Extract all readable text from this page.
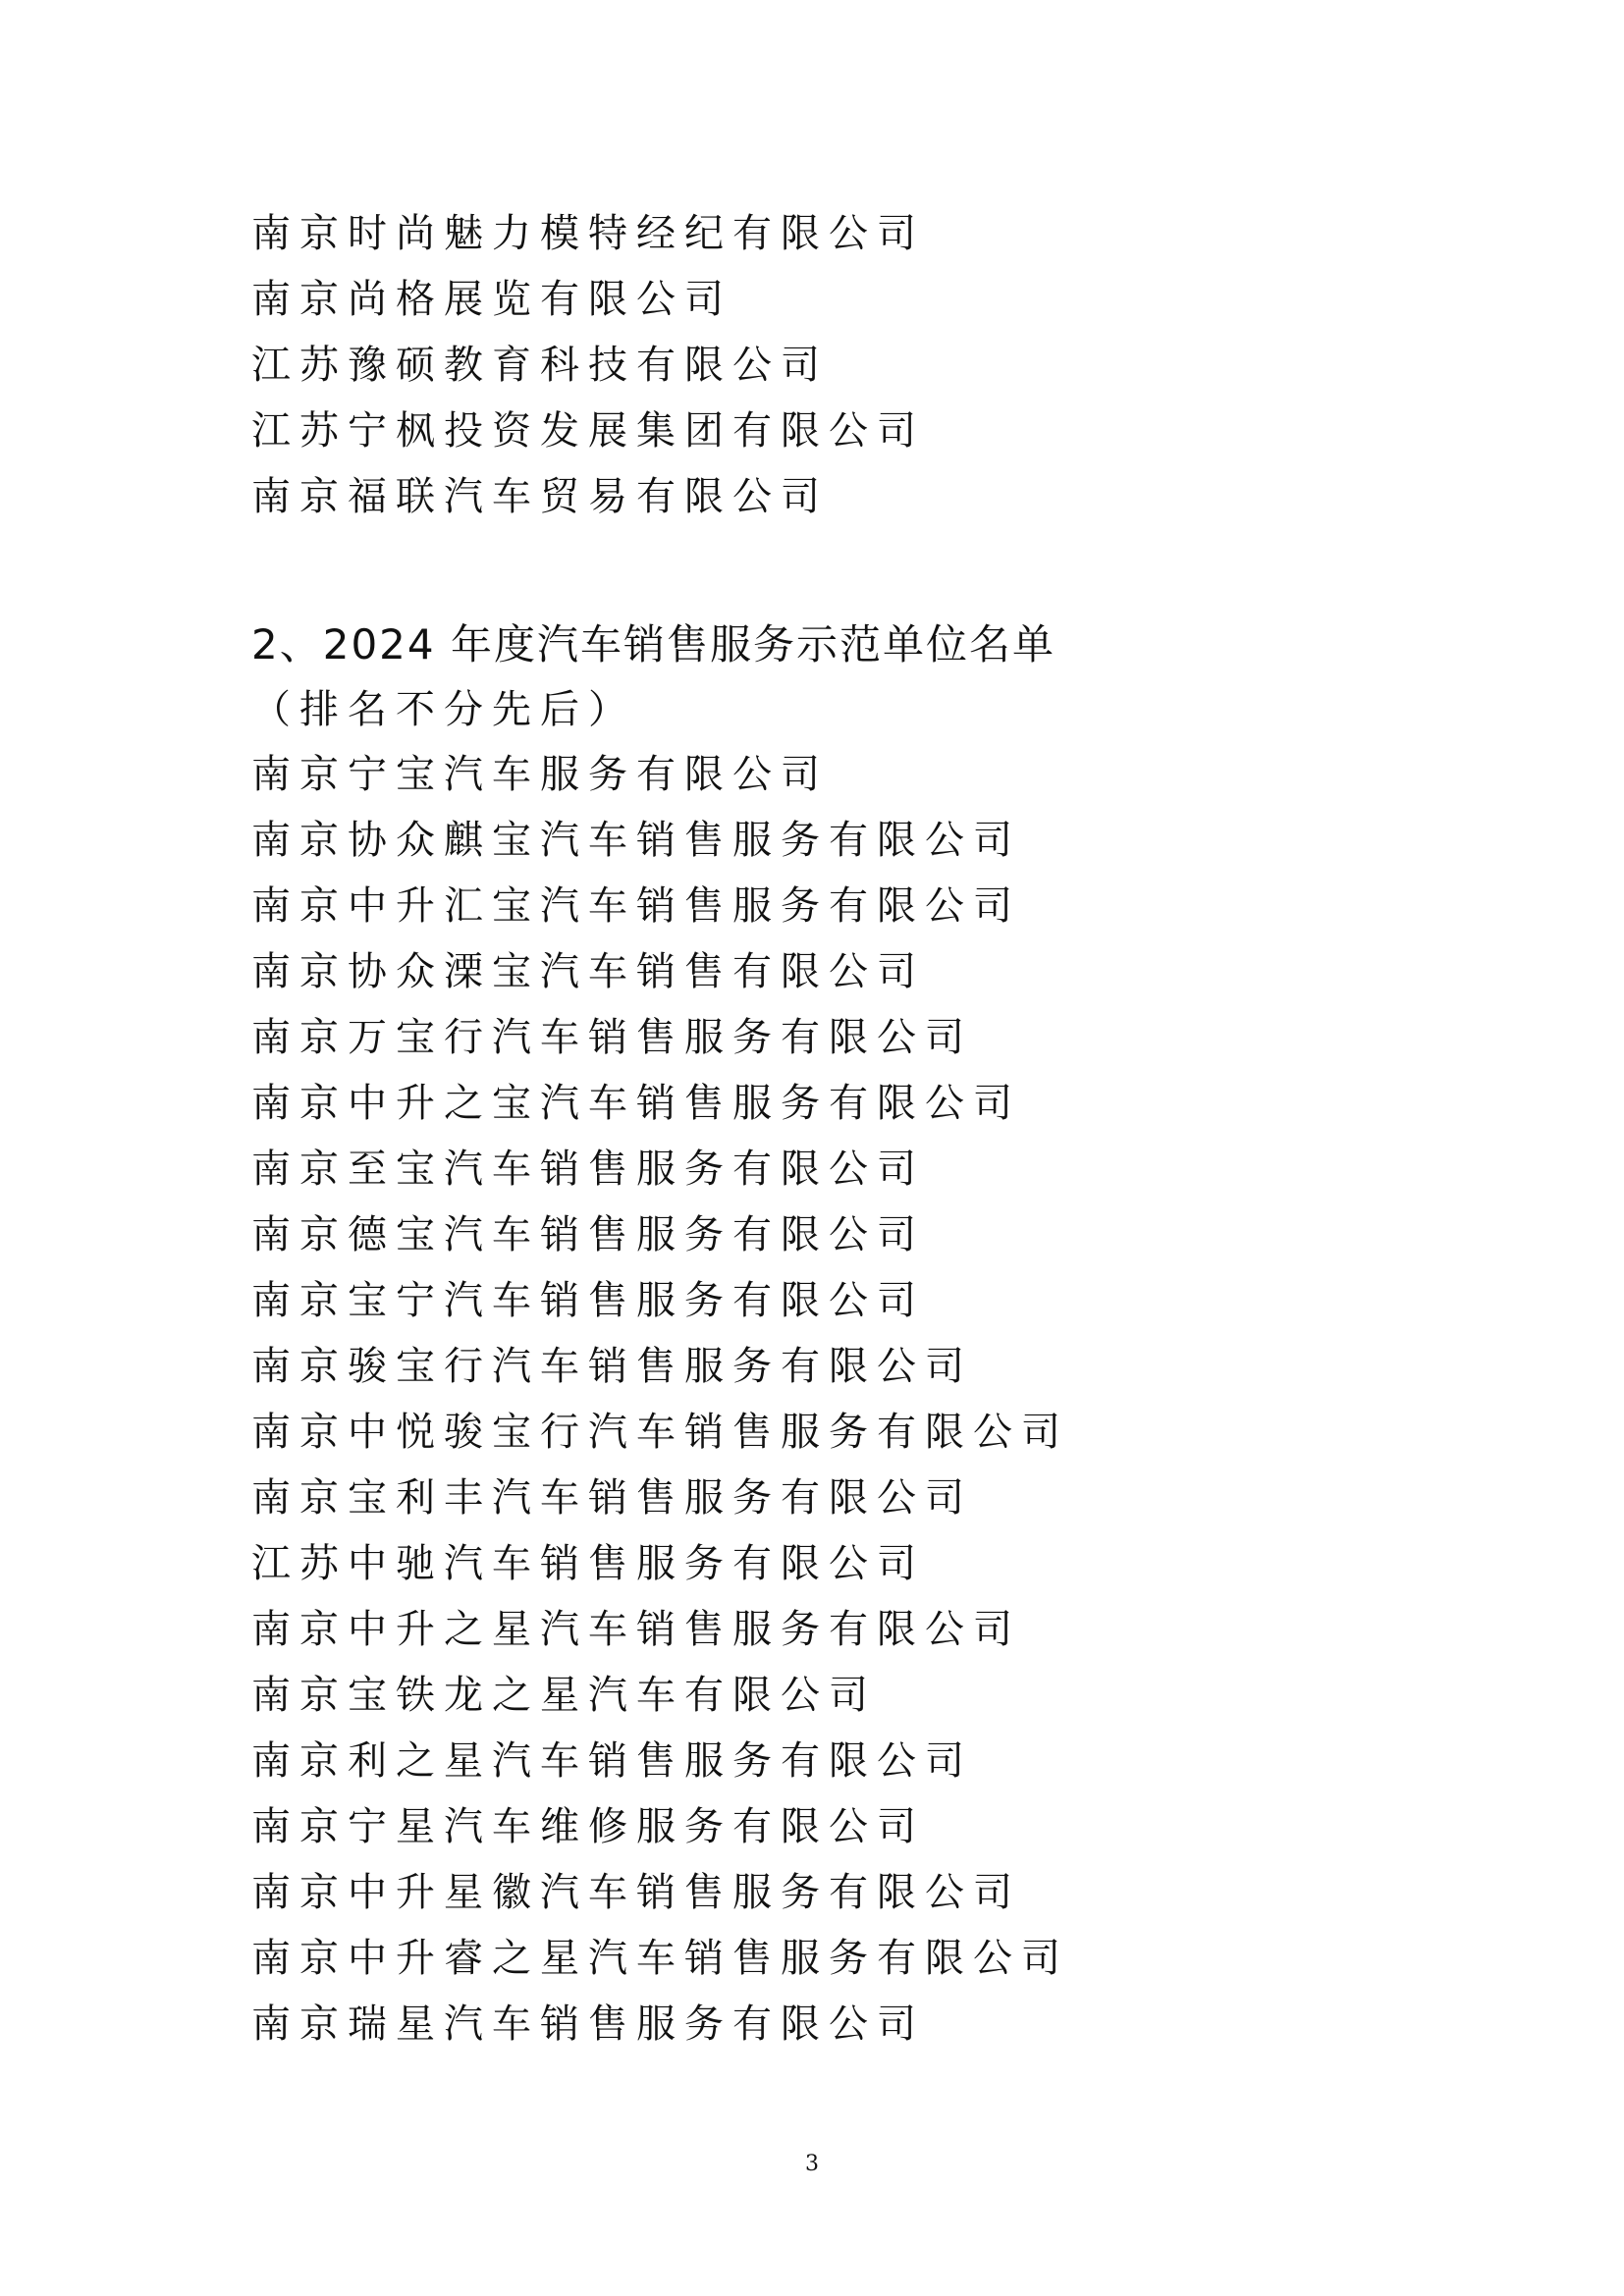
南京时尚魅力模特经纪有限公司
南京尚格展览有限公司
江苏豫硕教育科技有限公司
江苏宁枫投资发展集团有限公司
南京福联汽车贸易有限公司
2、2024 年度汽车销售服务示范单位名单
（排名不分先后）
南京宁宝汽车服务有限公司
南京协众麒宝汽车销售服务有限公司
南京中升汇宝汽车销售服务有限公司
南京协众溧宝汽车销售有限公司
南京万宝行汽车销售服务有限公司
南京中升之宝汽车销售服务有限公司
南京至宝汽车销售服务有限公司
南京德宝汽车销售服务有限公司
南京宝宁汽车销售服务有限公司
南京骏宝行汽车销售服务有限公司
南京中悦骏宝行汽车销售服务有限公司
南京宝利丰汽车销售服务有限公司
江苏中驰汽车销售服务有限公司
南京中升之星汽车销售服务有限公司
南京宝铁龙之星汽车有限公司
南京利之星汽车销售服务有限公司
南京宁星汽车维修服务有限公司
南京中升星徽汽车销售服务有限公司
南京中升睿之星汽车销售服务有限公司
南京瑞星汽车销售服务有限公司
3
